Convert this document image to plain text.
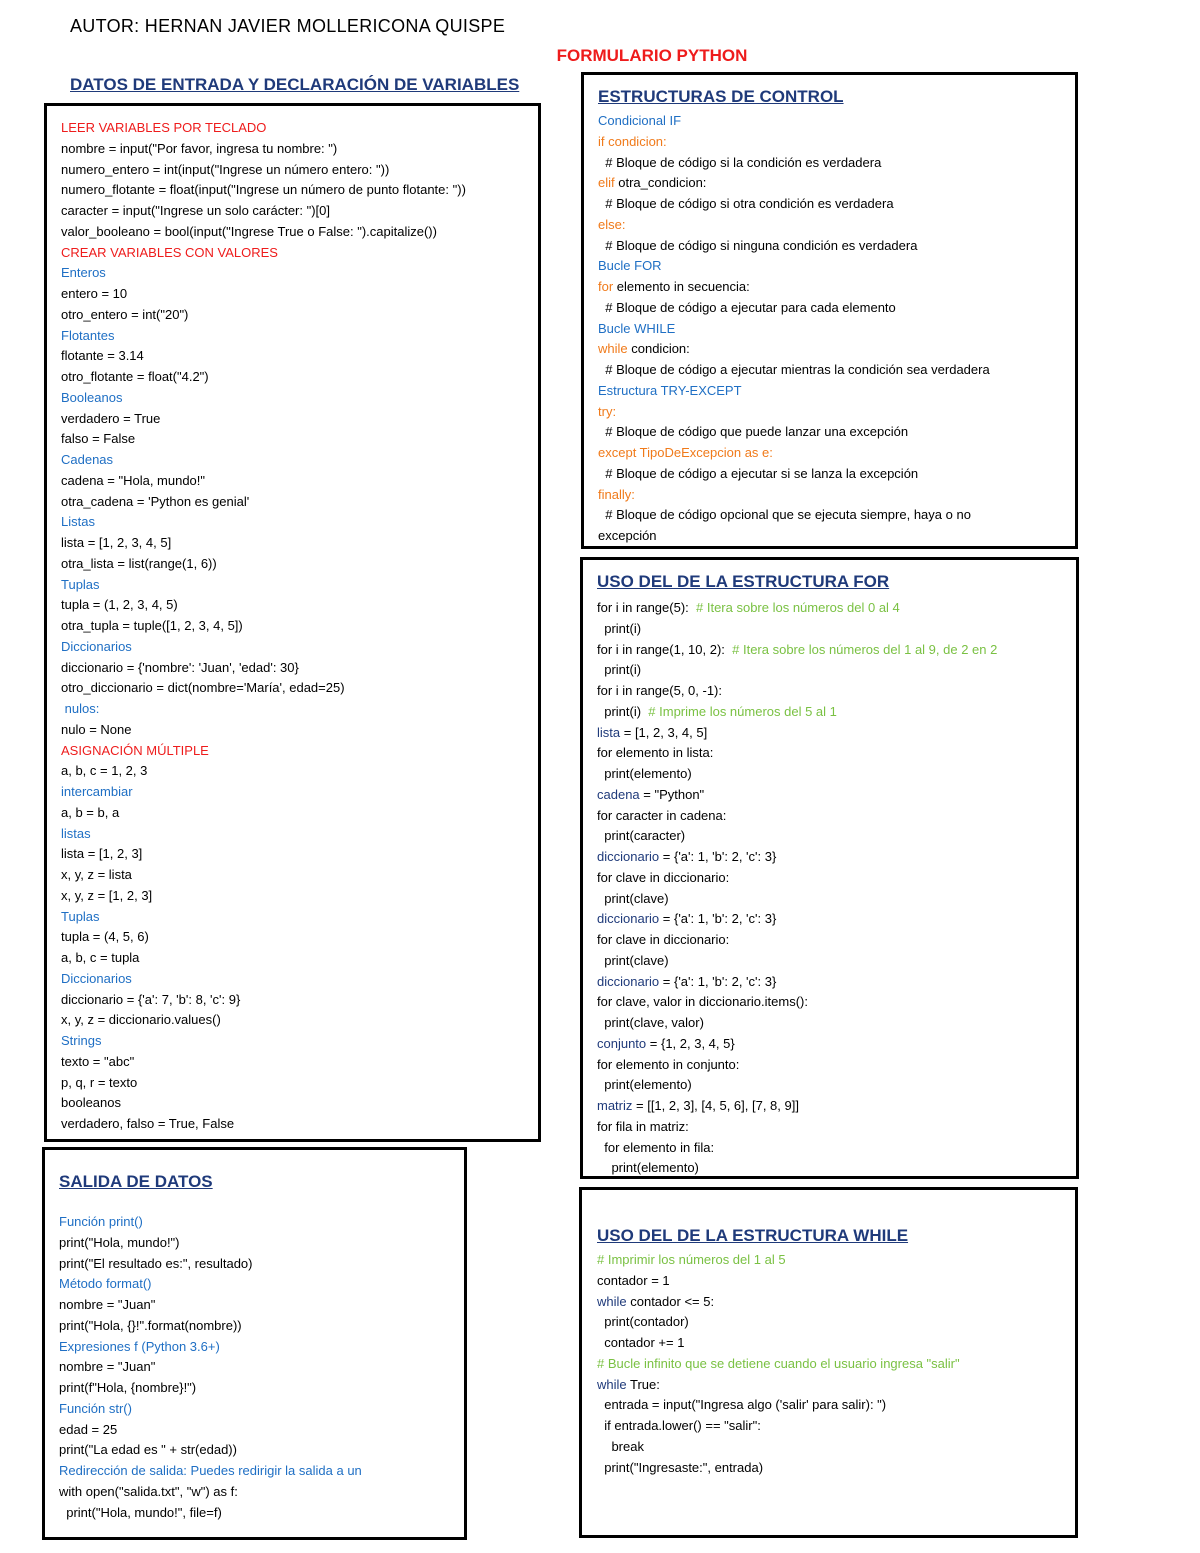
AUTOR: HERNAN JAVIER MOLLERICONA QUISPE
FORMULARIO PYTHON
DATOS DE ENTRADA Y DECLARACIÓN DE VARIABLES
LEER VARIABLES POR TECLADO
nombre = input("Por favor, ingresa tu nombre: ")
numero_entero = int(input("Ingrese un número entero: "))
numero_flotante = float(input("Ingrese un número de punto flotante: "))
caracter = input("Ingrese un solo carácter: ")[0]
valor_booleano = bool(input("Ingrese True o False: ").capitalize())
CREAR VARIABLES CON VALORES
Enteros
entero = 10
otro_entero = int("20")
Flotantes
flotante = 3.14
otro_flotante = float("4.2")
Booleanos
verdadero = True
falso = False
Cadenas
cadena = "Hola, mundo!"
otra_cadena = 'Python es genial'
Listas
lista = [1, 2, 3, 4, 5]
otra_lista = list(range(1, 6))
Tuplas
tupla = (1, 2, 3, 4, 5)
otra_tupla = tuple([1, 2, 3, 4, 5])
Diccionarios
diccionario = {'nombre': 'Juan', 'edad': 30}
otro_diccionario = dict(nombre='María', edad=25)
nulos:
nulo = None
ASIGNACIÓN MÚLTIPLE
a, b, c = 1, 2, 3
intercambiar
a, b = b, a
listas
lista = [1, 2, 3]
x, y, z = lista
x, y, z = [1, 2, 3]
Tuplas
tupla = (4, 5, 6)
a, b, c = tupla
Diccionarios
diccionario = {'a': 7, 'b': 8, 'c': 9}
x, y, z = diccionario.values()
Strings
texto = "abc"
p, q, r = texto
booleanos
verdadero, falso = True, False
SALIDA DE DATOS
Función print()
print("Hola, mundo!")
print("El resultado es:", resultado)
Método format()
nombre = "Juan"
print("Hola, {}!".format(nombre))
Expresiones f (Python 3.6+)
nombre = "Juan"
print(f"Hola, {nombre}!")
Función str()
edad = 25
print("La edad es " + str(edad))
Redirección de salida: Puedes redirigir la salida a un
with open("salida.txt", "w") as f:
print("Hola, mundo!", file=f)
ESTRUCTURAS DE CONTROL
Condicional IF
if condicion:
# Bloque de código si la condición es verdadera
elif otra_condicion:
# Bloque de código si otra condición es verdadera
else:
# Bloque de código si ninguna condición es verdadera
Bucle FOR
for elemento in secuencia:
# Bloque de código a ejecutar para cada elemento
Bucle WHILE
while condicion:
# Bloque de código a ejecutar mientras la condición sea verdadera
Estructura TRY-EXCEPT
try:
# Bloque de código que puede lanzar una excepción
except TipoDeExcepcion as e:
# Bloque de código a ejecutar si se lanza la excepción
finally:
# Bloque de código opcional que se ejecuta siempre, haya o no
excepción
USO DEL DE LA ESTRUCTURA FOR
for i in range(5):  # Itera sobre los números del 0 al 4
print(i)
for i in range(1, 10, 2):  # Itera sobre los números del 1 al 9, de 2 en 2
print(i)
for i in range(5, 0, -1):
print(i)  # Imprime los números del 5 al 1
lista = [1, 2, 3, 4, 5]
for elemento in lista:
print(elemento)
cadena = "Python"
for caracter in cadena:
print(caracter)
diccionario = {'a': 1, 'b': 2, 'c': 3}
for clave in diccionario:
print(clave)
diccionario = {'a': 1, 'b': 2, 'c': 3}
for clave in diccionario:
print(clave)
diccionario = {'a': 1, 'b': 2, 'c': 3}
for clave, valor in diccionario.items():
print(clave, valor)
conjunto = {1, 2, 3, 4, 5}
for elemento in conjunto:
print(elemento)
matriz = [[1, 2, 3], [4, 5, 6], [7, 8, 9]]
for fila in matriz:
for elemento in fila:
print(elemento)
USO DEL DE LA ESTRUCTURA WHILE
# Imprimir los números del 1 al 5
contador = 1
while contador <= 5:
print(contador)
contador += 1
# Bucle infinito que se detiene cuando el usuario ingresa "salir"
while True:
entrada = input("Ingresa algo ('salir' para salir): ")
if entrada.lower() == "salir":
break
print("Ingresaste:", entrada)
